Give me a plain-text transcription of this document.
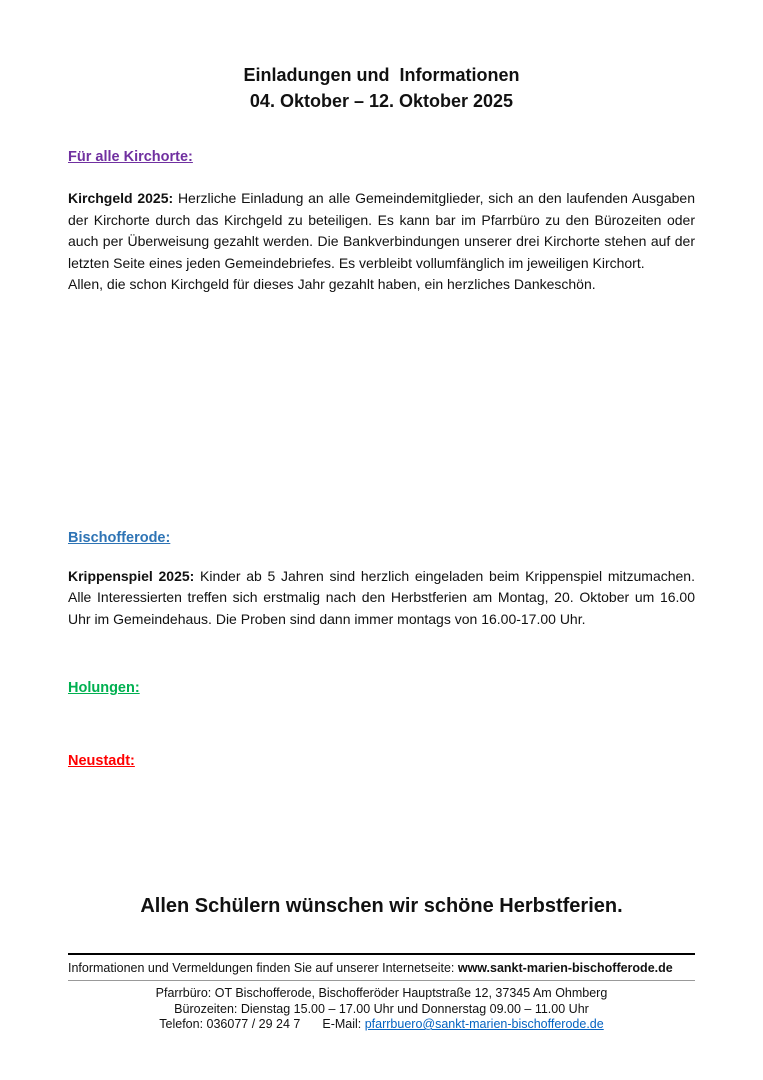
Einladungen und  Informationen
04. Oktober – 12. Oktober 2025
Für alle Kirchorte:
Kirchgeld 2025: Herzliche Einladung an alle Gemeindemitglieder, sich an den laufenden Ausgaben der Kirchorte durch das Kirchgeld zu beteiligen. Es kann bar im Pfarrbüro zu den Bürozeiten oder auch per Überweisung gezahlt werden. Die Bankverbindungen unserer drei Kirchorte stehen auf der letzten Seite eines jeden Gemeindebriefes. Es verbleibt vollumfänglich im jeweiligen Kirchort.
Allen, die schon Kirchgeld für dieses Jahr gezahlt haben, ein herzliches Dankeschön.
Bischofferode:
Krippenspiel 2025: Kinder ab 5 Jahren sind herzlich eingeladen beim Krippenspiel mitzumachen. Alle Interessierten treffen sich erstmalig nach den Herbstferien am Montag, 20. Oktober um 16.00 Uhr im Gemeindehaus. Die Proben sind dann immer montags von 16.00-17.00 Uhr.
Holungen:
Neustadt:
Allen Schülern wünschen wir schöne Herbstferien.
Informationen und Vermeldungen finden Sie auf unserer Internetseite: www.sankt-marien-bischofferode.de
Pfarrbüro: OT Bischofferode, Bischofferöder Hauptstraße 12, 37345 Am Ohmberg
Bürozeiten: Dienstag 15.00 – 17.00 Uhr und Donnerstag 09.00 – 11.00 Uhr
Telefon: 036077 / 29 24 7 E-Mail: pfarrbuero@sankt-marien-bischofferode.de
